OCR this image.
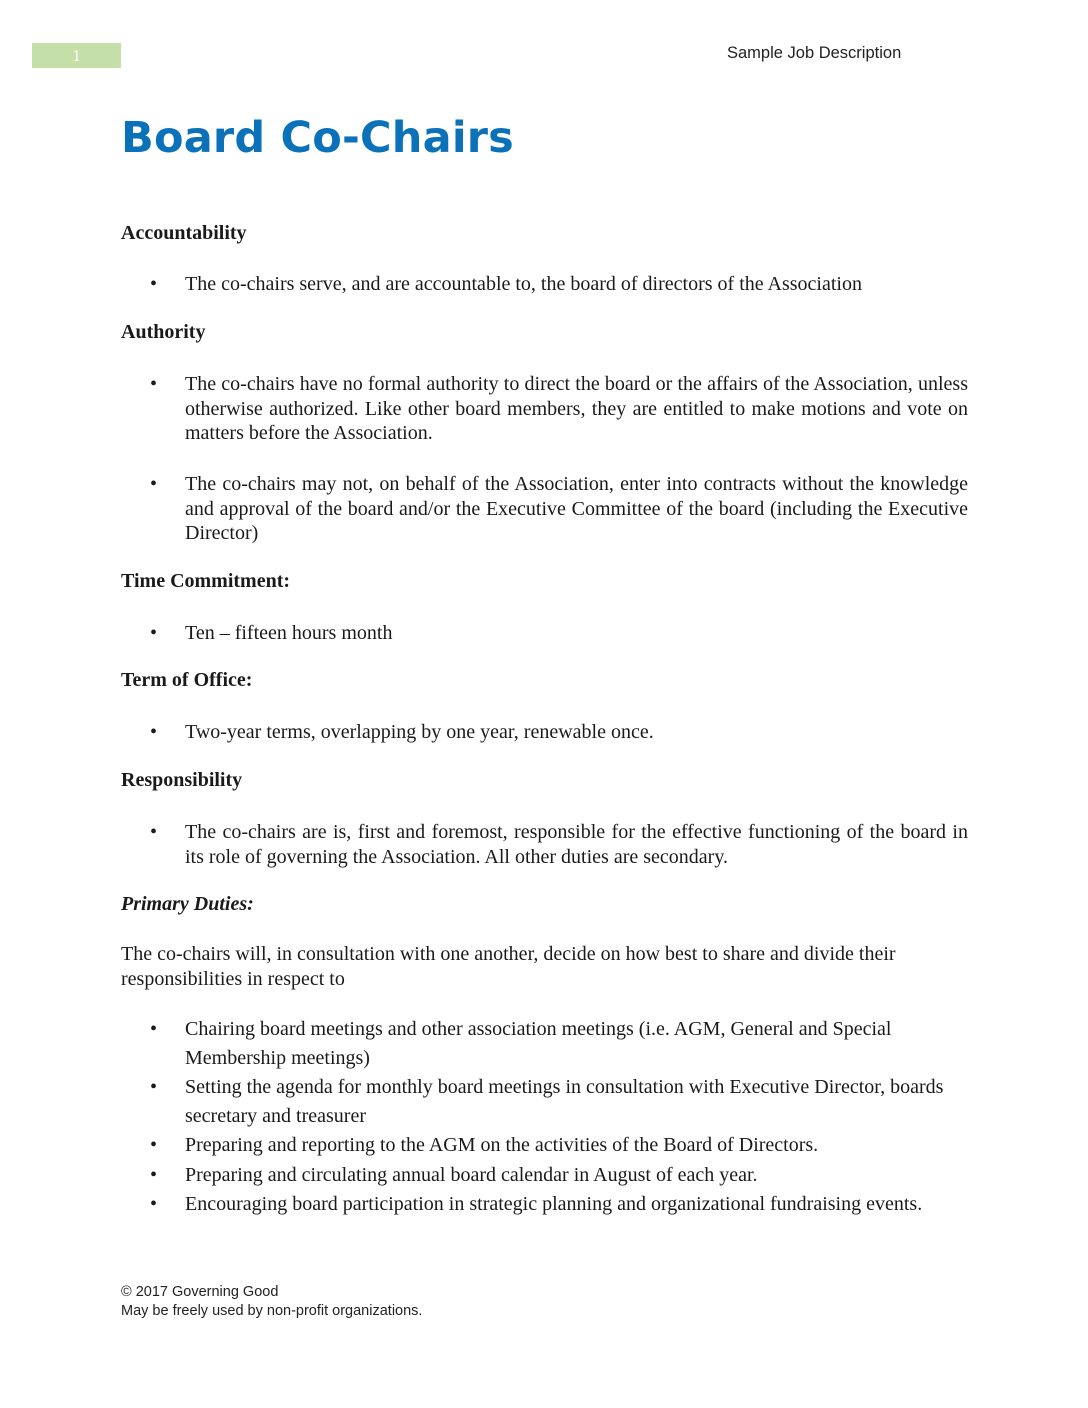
1	Sample Job Description
Board Co-Chairs

Accountability

• The co-chairs serve, and are accountable to, the board of directors of the Association

Authority

• The co-chairs have no formal authority to direct the board or the affairs of the Association, unless otherwise authorized. Like other board members, they are entitled to make motions and vote on matters before the Association.
• The co-chairs may not, on behalf of the Association, enter into contracts without the knowledge and approval of the board and/or the Executive Committee of the board (including the Executive Director)

Time Commitment:

• Ten – fifteen hours month

Term of Office:

• Two-year terms, overlapping by one year, renewable once.

Responsibility

• The co-chairs are is, first and foremost, responsible for the effective functioning of the board in its role of governing the Association. All other duties are secondary.

Primary Duties:

The co-chairs will, in consultation with one another, decide on how best to share and divide their responsibilities in respect to
• Chairing board meetings and other association meetings (i.e. AGM, General and Special Membership meetings)
• Setting the agenda for monthly board meetings in consultation with Executive Director, boards secretary and treasurer
• Preparing and reporting to the AGM on the activities of the Board of Directors.
• Preparing and circulating annual board calendar in August of each year.
• Encouraging board participation in strategic planning and organizational fundraising events.
© 2017 Governing Good
May be freely used by non-profit organizations.
